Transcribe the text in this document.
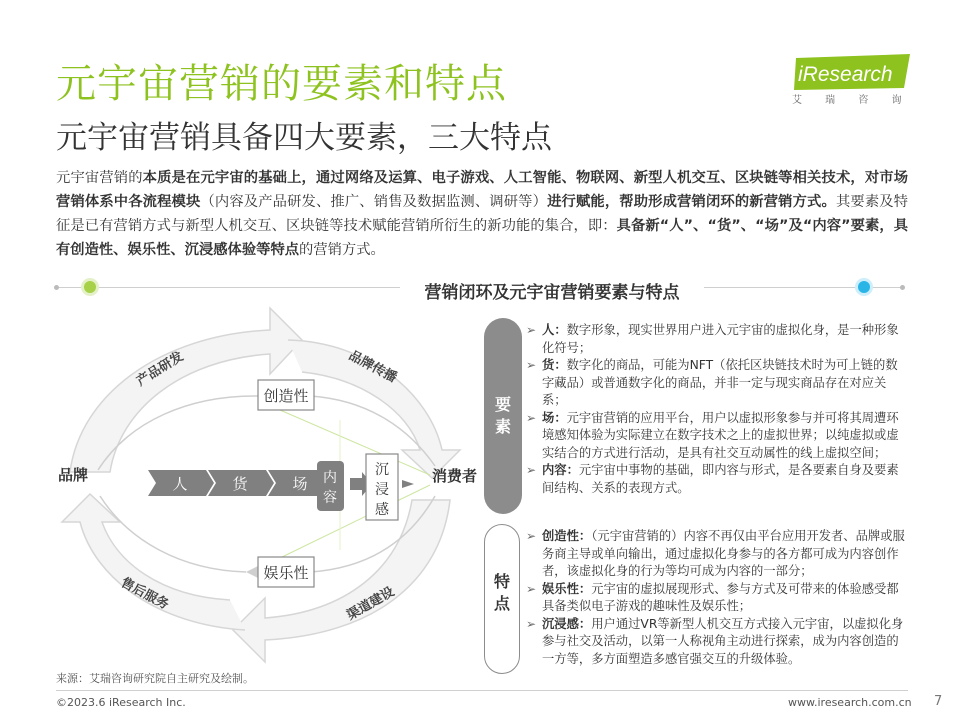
元宇宙营销的要素和特点
元宇宙营销具备四大要素，三大特点
iResearch
艾 瑞 咨 询
元宇宙营销的本质是在元宇宙的基础上，通过网络及运算、电子游戏、人工智能、物联网、新型人机交互、区块链等相关技术，对市场营销体系中各流程模块（内容及产品研发、推广、销售及数据监测、调研等）进行赋能，帮助形成营销闭环的新营销方式。其要素及特征是已有营销方式与新型人机交互、区块链等技术赋能营销所衍生的新功能的集合，即：具备新“人”、“货”、“场”及“内容”要素，具有创造性、娱乐性、沉浸感体验等特点的营销方式。
营销闭环及元宇宙营销要素与特点
产品研发	品牌传播
售后服务	渠道建设
品牌	消费者
创造性
娱乐性
人	货	场 内
容
沉
浸
感
要
素
特
点
➢ 人：数字形象，现实世界用户进入元宇宙的虚拟化身，是一种形象化符号；
➢ 货：数字化的商品，可能为NFT（依托区块链技术时为可上链的数字藏品）或普通数字化的商品，并非一定与现实商品存在对应关系；
➢ 场：元宇宙营销的应用平台，用户以虚拟形象参与并可将其周遭环境感知体验为实际建立在数字技术之上的虚拟世界；以纯虚拟或虚实结合的方式进行活动，是具有社交互动属性的线上虚拟空间；
➢ 内容：元宇宙中事物的基础，即内容与形式，是各要素自身及要素间结构、关系的表现方式。
➢ 创造性：（元宇宙营销的）内容不再仅由平台应用开发者、品牌或服务商主导或单向输出，通过虚拟化身参与的各方都可成为内容创作者，该虚拟化身的行为等均可成为内容的一部分；
➢ 娱乐性：元宇宙的虚拟展现形式、参与方式及可带来的体验感受都具备类似电子游戏的趣味性及娱乐性；
➢ 沉浸感：用户通过VR等新型人机交互方式接入元宇宙，以虚拟化身参与社交及活动，以第一人称视角主动进行探索，成为内容创造的一方等，多方面塑造多感官强交互的升级体验。
来源：艾瑞咨询研究院自主研究及绘制。
©2023.6 iResearch Inc.	www.iresearch.com.cn 7
